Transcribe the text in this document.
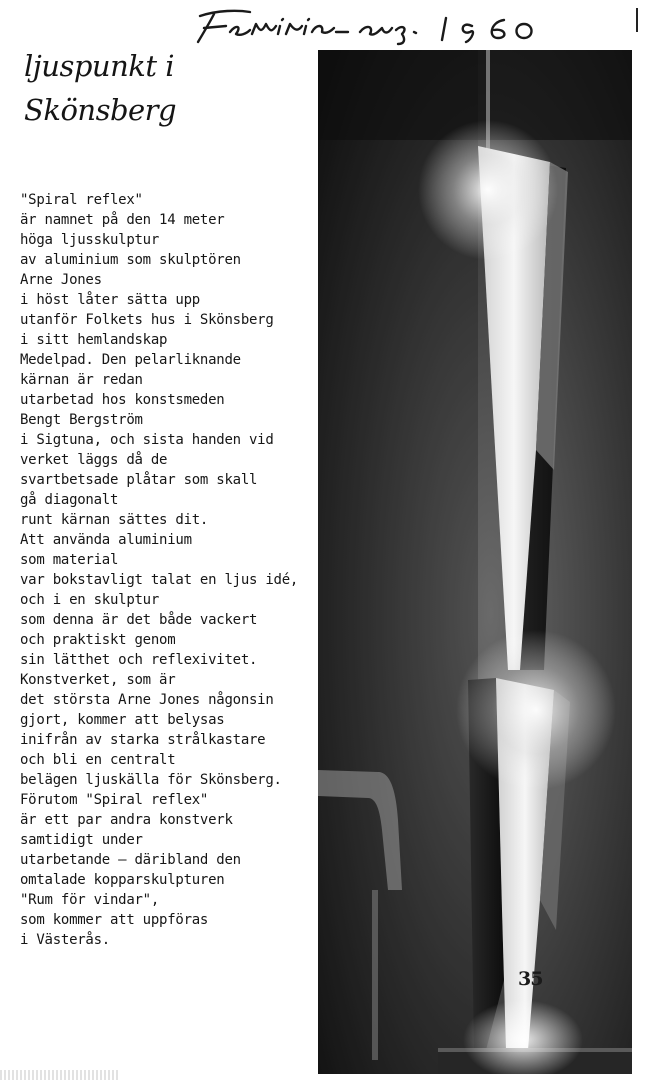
ljuspunkt i
Skönsberg

"Spiral reflex"
är namnet på den 14 meter
höga ljusskulptur
av aluminium som skulptören
Arne Jones
i höst låter sätta upp
utanför Folkets hus i Skönsberg
i sitt hemlandskap
Medelpad. Den pelarliknande
kärnan är redan
utarbetad hos konstsmeden
Bengt Bergström
i Sigtuna, och sista handen vid
verket läggs då de
svartbetsade plåtar som skall
gå diagonalt
runt kärnan sättes dit.
Att använda aluminium
som material
var bokstavligt talat en ljus idé,
och i en skulptur
som denna är det både vackert
och praktiskt genom
sin lätthet och reflexivitet.
Konstverket, som är
det största Arne Jones någonsin
gjort, kommer att belysas
inifrån av starka strålkastare
och bli en centralt
belägen ljuskälla för Skönsberg.
Förutom "Spiral reflex"
är ett par andra konstverk
samtidigt under
utarbetande — däribland den
omtalade kopparskulpturen
"Rum för vindar",
som kommer att uppföras
i Västerås.

35
